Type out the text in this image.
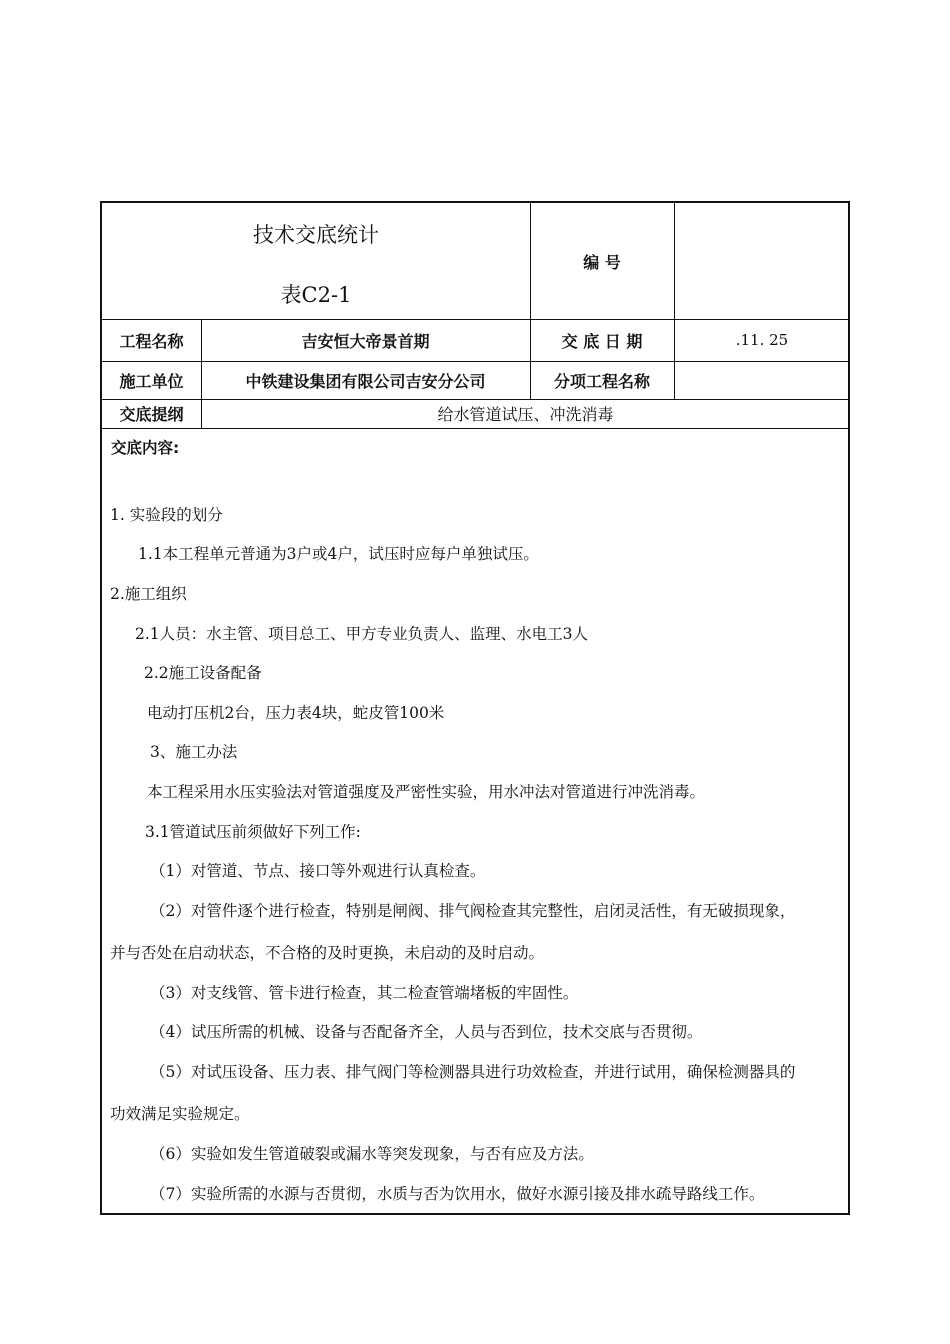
技术交底统计
表C2-1
编 号
工程名称	吉安恒大帝景首期	交 底 日 期	.11. 25
施工单位	中铁建设集团有限公司吉安分公司	分项工程名称
交底提纲	给水管道试压、冲洗消毒
交底内容:
1. 实验段的划分
1.1本工程单元普通为3户或4户，试压时应每户单独试压。
2.施工组织
2.1人员：水主管、项目总工、甲方专业负责人、监理、水电工3人
2.2施工设备配备
电动打压机2台，压力表4块，蛇皮管100米
3、施工办法
本工程采用水压实验法对管道强度及严密性实验，用水冲法对管道进行冲洗消毒。
3.1管道试压前须做好下列工作:
（1）对管道、节点、接口等外观进行认真检查。
（2）对管件逐个进行检查，特别是闸阀、排气阀检查其完整性，启闭灵活性，有无破损现象，
并与否处在启动状态，不合格的及时更换，未启动的及时启动。
（3）对支线管、管卡进行检查，其二检查管端堵板的牢固性。
（4）试压所需的机械、设备与否配备齐全，人员与否到位，技术交底与否贯彻。
（5）对试压设备、压力表、排气阀门等检测器具进行功效检查，并进行试用，确保检测器具的
功效满足实验规定。
（6）实验如发生管道破裂或漏水等突发现象，与否有应及方法。
（7）实验所需的水源与否贯彻，水质与否为饮用水，做好水源引接及排水疏导路线工作。
